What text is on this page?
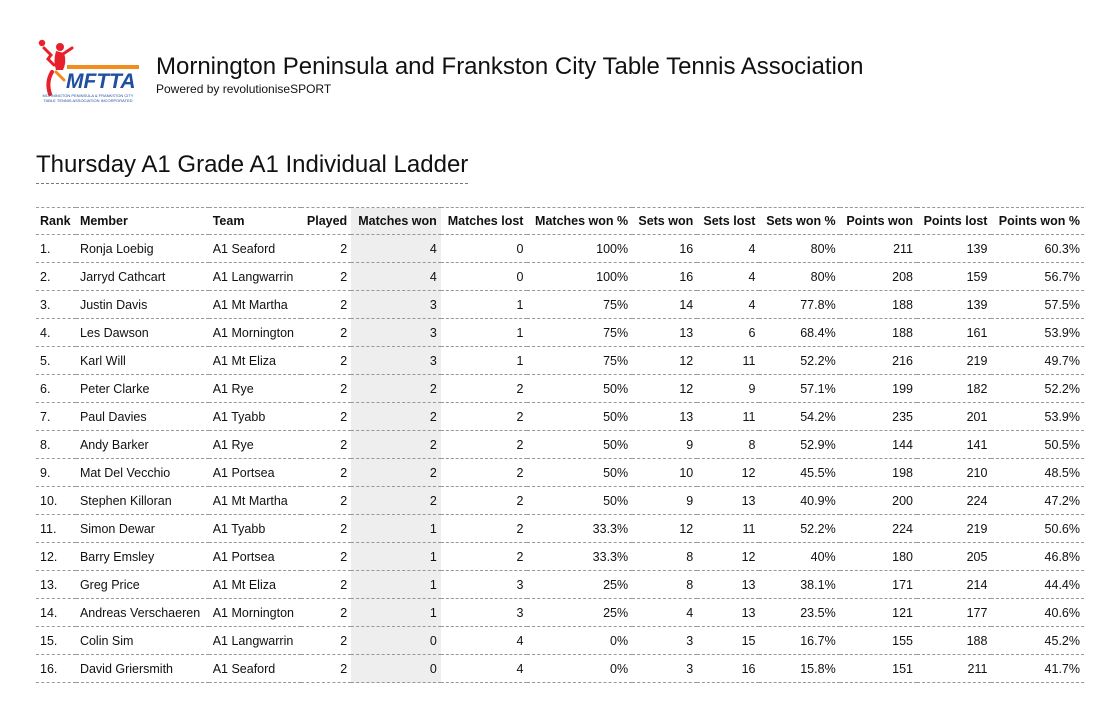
MFTTA
MORNINGTON PENINSULA & FRANKSTON CITY
TABLE TENNIS ASSOCIATION INCORPORATED
Mornington Peninsula and Frankston City Table Tennis Association
Powered by revolutioniseSPORT
Thursday A1 Grade A1 Individual Ladder
Rank	Member	Team	Played	Matches won	Matches lost	Matches won %	Sets won	Sets lost	Sets won %	Points won	Points lost	Points won %
1.	Ronja Loebig	A1 Seaford	2	4	0	100%	16	4	80%	211	139	60.3%
2.	Jarryd Cathcart	A1 Langwarrin	2	4	0	100%	16	4	80%	208	159	56.7%
3.	Justin Davis	A1 Mt Martha	2	3	1	75%	14	4	77.8%	188	139	57.5%
4.	Les Dawson	A1 Mornington	2	3	1	75%	13	6	68.4%	188	161	53.9%
5.	Karl Will	A1 Mt Eliza	2	3	1	75%	12	11	52.2%	216	219	49.7%
6.	Peter Clarke	A1 Rye	2	2	2	50%	12	9	57.1%	199	182	52.2%
7.	Paul Davies	A1 Tyabb	2	2	2	50%	13	11	54.2%	235	201	53.9%
8.	Andy Barker	A1 Rye	2	2	2	50%	9	8	52.9%	144	141	50.5%
9.	Mat Del Vecchio	A1 Portsea	2	2	2	50%	10	12	45.5%	198	210	48.5%
10.	Stephen Killoran	A1 Mt Martha	2	2	2	50%	9	13	40.9%	200	224	47.2%
11.	Simon Dewar	A1 Tyabb	2	1	2	33.3%	12	11	52.2%	224	219	50.6%
12.	Barry Emsley	A1 Portsea	2	1	2	33.3%	8	12	40%	180	205	46.8%
13.	Greg Price	A1 Mt Eliza	2	1	3	25%	8	13	38.1%	171	214	44.4%
14.	Andreas Verschaeren	A1 Mornington	2	1	3	25%	4	13	23.5%	121	177	40.6%
15.	Colin Sim	A1 Langwarrin	2	0	4	0%	3	15	16.7%	155	188	45.2%
16.	David Griersmith	A1 Seaford	2	0	4	0%	3	16	15.8%	151	211	41.7%
